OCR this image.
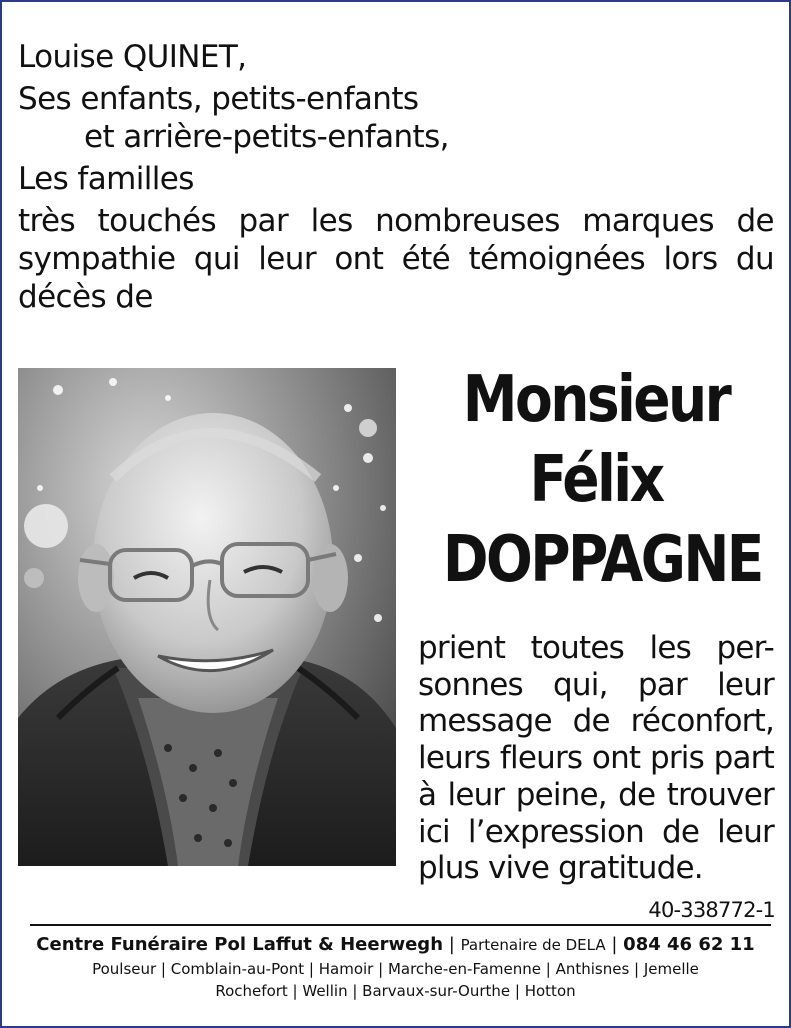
Louise QUINET,
Ses enfants, petits-enfants
et arrière-petits-enfants,
Les familles
très touchés par les nombreuses marques de sympathie qui leur ont été témoignées lors du décès de
Monsieur
Félix
DOPPAGNE
prient toutes les per-sonnes qui, par leur message de réconfort, leurs fleurs ont pris part à leur peine, de trouver ici l’expression de leur plus vive gratitude.
40-338772-1
Centre Funéraire Pol Laffut & Heerwegh | Partenaire de DELA | 084 46 62 11
Poulseur | Comblain-au-Pont | Hamoir | Marche-en-Famenne | Anthisnes | Jemelle
Rochefort | Wellin | Barvaux-sur-Ourthe | Hotton
